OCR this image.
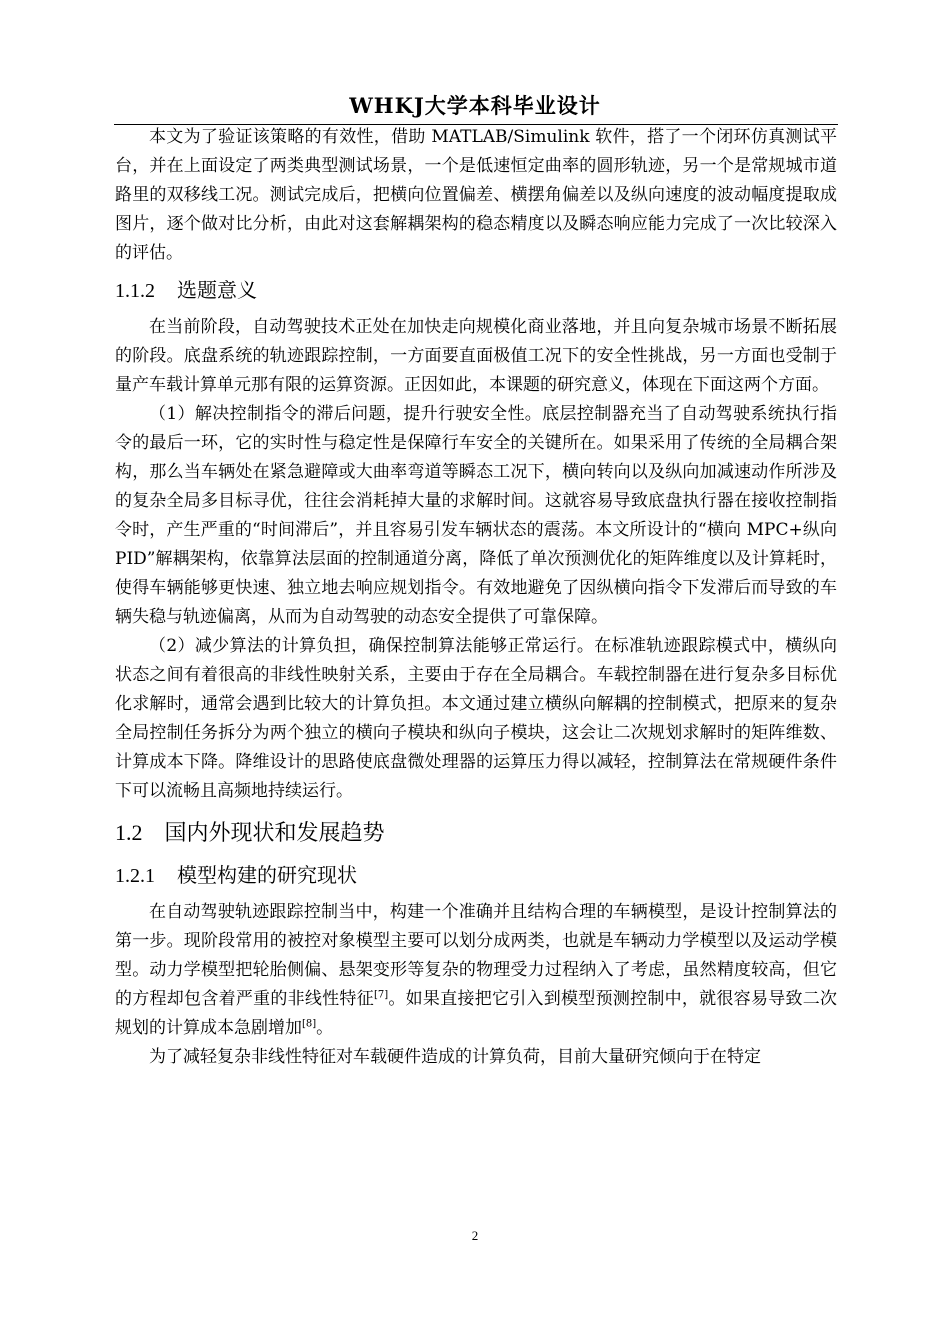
WHKJ大学本科毕业设计

本文为了验证该策略的有效性，借助 MATLAB/Simulink 软件，搭了一个闭环仿真测试平台，并在上面设定了两类典型测试场景，一个是低速恒定曲率的圆形轨迹，另一个是常规城市道路里的双移线工况。测试完成后，把横向位置偏差、横摆角偏差以及纵向速度的波动幅度提取成图片，逐个做对比分析，由此对这套解耦架构的稳态精度以及瞬态响应能力完成了一次比较深入的评估。

1.1.2 选题意义

在当前阶段，自动驾驶技术正处在加快走向规模化商业落地，并且向复杂城市场景不断拓展的阶段。底盘系统的轨迹跟踪控制，一方面要直面极值工况下的安全性挑战，另一方面也受制于量产车载计算单元那有限的运算资源。正因如此，本课题的研究意义，体现在下面这两个方面。

（1）解决控制指令的滞后问题，提升行驶安全性。底层控制器充当了自动驾驶系统执行指令的最后一环，它的实时性与稳定性是保障行车安全的关键所在。如果采用了传统的全局耦合架构，那么当车辆处在紧急避障或大曲率弯道等瞬态工况下，横向转向以及纵向加减速动作所涉及的复杂全局多目标寻优，往往会消耗掉大量的求解时间。这就容易导致底盘执行器在接收控制指令时，产生严重的“时间滞后”，并且容易引发车辆状态的震荡。本文所设计的“横向 MPC+纵向 PID”解耦架构，依靠算法层面的控制通道分离，降低了单次预测优化的矩阵维度以及计算耗时，使得车辆能够更快速、独立地去响应规划指令。有效地避免了因纵横向指令下发滞后而导致的车辆失稳与轨迹偏离，从而为自动驾驶的动态安全提供了可靠保障。

（2）减少算法的计算负担，确保控制算法能够正常运行。在标准轨迹跟踪模式中，横纵向状态之间有着很高的非线性映射关系，主要由于存在全局耦合。车载控制器在进行复杂多目标优化求解时，通常会遇到比较大的计算负担。本文通过建立横纵向解耦的控制模式，把原来的复杂全局控制任务拆分为两个独立的横向子模块和纵向子模块，这会让二次规划求解时的矩阵维数、计算成本下降。降维设计的思路使底盘微处理器的运算压力得以减轻，控制算法在常规硬件条件下可以流畅且高频地持续运行。

1.2 国内外现状和发展趋势
1.2.1 模型构建的研究现状

在自动驾驶轨迹跟踪控制当中，构建一个准确并且结构合理的车辆模型，是设计控制算法的第一步。现阶段常用的被控对象模型主要可以划分成两类，也就是车辆动力学模型以及运动学模型。动力学模型把轮胎侧偏、悬架变形等复杂的物理受力过程纳入了考虑，虽然精度较高，但它的方程却包含着严重的非线性特征[7]。如果直接把它引入到模型预测控制中，就很容易导致二次规划的计算成本急剧增加[8]。

为了减轻复杂非线性特征对车载硬件造成的计算负荷，目前大量研究倾向于在特定

2
